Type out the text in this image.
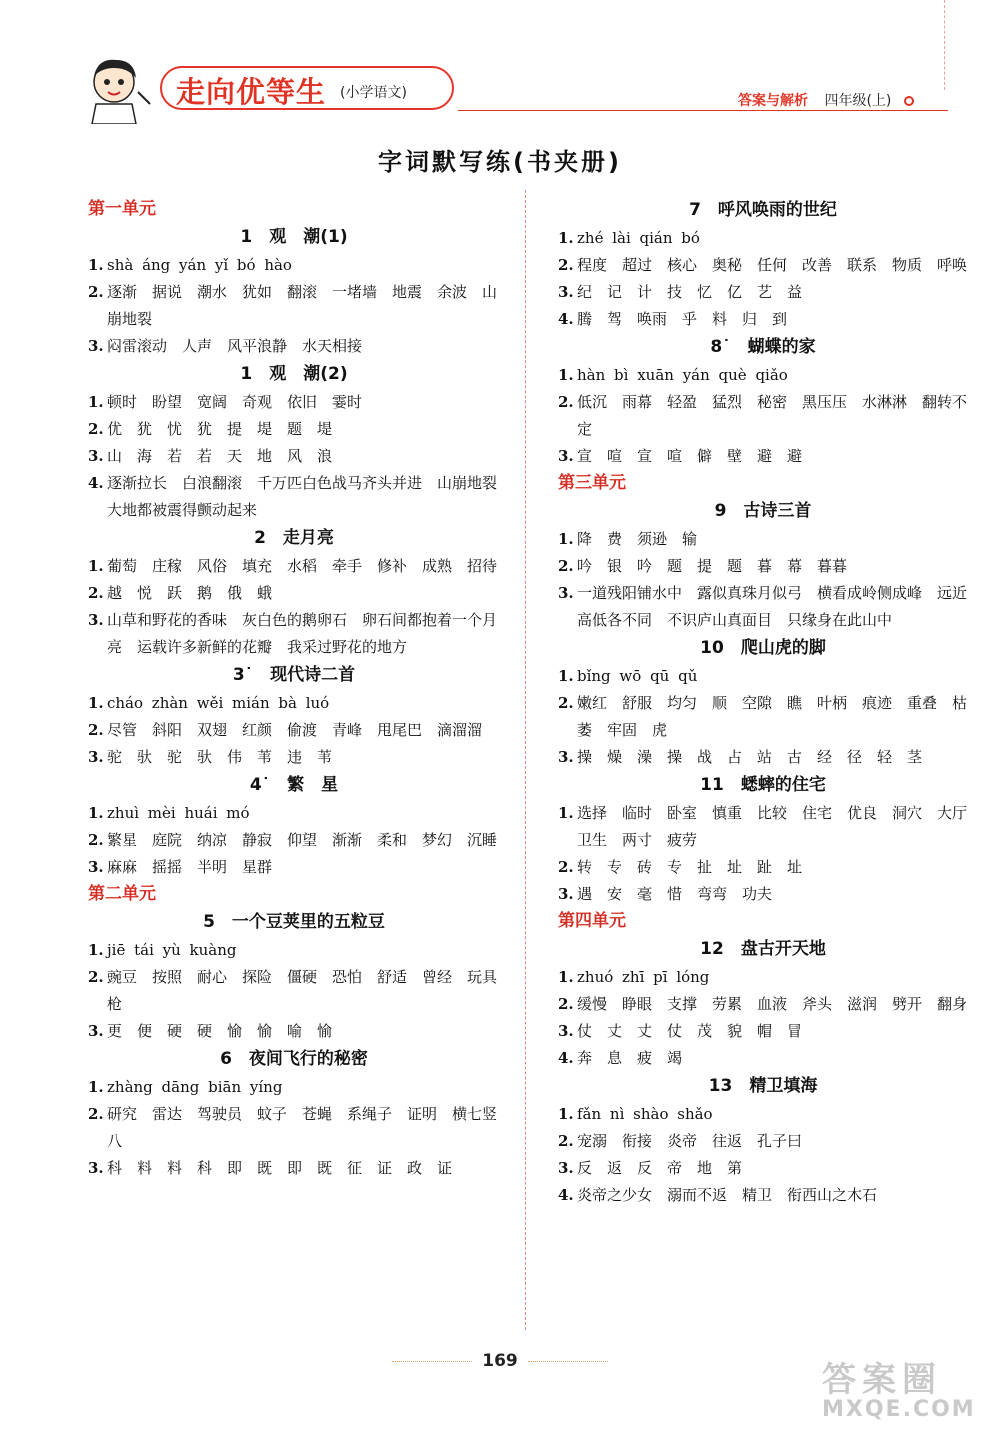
走向优等生 (小学语文)	答案与解析 四年级(上)
字词默写练(书夹册)
第一单元
1　观　潮(1)
1. shà áng yán yǐ bó hào
2. 逐渐　据说　潮水　犹如　翻滚　一堵墙　地震　余波　山崩地裂
3. 闷雷滚动　人声　风平浪静　水天相接
1　观　潮(2)
1. 顿时　盼望　宽阔　奇观　依旧　霎时
2. 优　犹　忧　犹　提　堤　题　堤
3. 山　海　若　若　天　地　风　浪
4. 逐渐拉长　白浪翻滚　千万匹白色战马齐头并进　山崩地裂　大地都被震得颤动起来
2　走月亮
1. 葡萄　庄稼　风俗　填充　水稻　牵手　修补　成熟　招待
2. 越　悦　跃　鹅　俄　蛾
3. 山草和野花的香味　灰白色的鹅卵石　卵石间都抱着一个月亮　运载许多新鲜的花瓣　我采过野花的地方
3˙　现代诗二首
1. cháo zhàn wěi mián bà luó
2. 尽管　斜阳　双翅　红颜　偷渡　青峰　甩尾巴　滴溜溜
3. 驼　驮　驼　驮　伟　苇　违　苇
4˙　繁　星
1. zhuì mèi huái mó
2. 繁星　庭院　纳凉　静寂　仰望　渐渐　柔和　梦幻　沉睡
3. 麻麻　摇摇　半明　星群
第二单元
5　一个豆荚里的五粒豆
1. jiē tái yù kuàng
2. 豌豆　按照　耐心　探险　僵硬　恐怕　舒适　曾经　玩具枪
3. 更　便　硬　硬　愉　愉　喻　愉
6　夜间飞行的秘密
1. zhàng dāng biān yíng
2. 研究　雷达　驾驶员　蚊子　苍蝇　系绳子　证明　横七竖八
3. 科　料　料　科　即　既　即　既　征　证　政　证
7　呼风唤雨的世纪
1. zhé lài qián bó
2. 程度　超过　核心　奥秘　任何　改善　联系　物质　呼唤
3. 纪　记　计　技　忆　亿　艺　益
4. 腾　驾　唤雨　乎　料　归　到
8˙　蝴蝶的家
1. hàn bì xuān yán què qiǎo
2. 低沉　雨幕　轻盈　猛烈　秘密　黑压压　水淋淋　翻转不定
3. 宣　喧　宣　喧　僻　壁　避　避
第三单元
9　古诗三首
1. 降　费　须逊　输
2. 吟　银　吟　题　提　题　暮　幕　暮暮
3. 一道残阳铺水中　露似真珠月似弓　横看成岭侧成峰　远近高低各不同　不识庐山真面目　只缘身在此山中
10　爬山虎的脚
1. bǐng wō qū qǔ
2. 嫩红　舒服　均匀　顺　空隙　瞧　叶柄　痕迹　重叠　枯萎　牢固　虎
3. 操　燥　澡　操　战　占　站　古　经　径　轻　茎
11　蟋蟀的住宅
1. 选择　临时　卧室　慎重　比较　住宅　优良　洞穴　大厅　卫生　两寸　疲劳
2. 转　专　砖　专　扯　址　趾　址
3. 遇　安　毫　惜　弯弯　功夫
第四单元
12　盘古开天地
1. zhuó zhī pī lóng
2. 缓慢　睁眼　支撑　劳累　血液　斧头　滋润　劈开　翻身
3. 仗　丈　丈　仗　茂　貌　帽　冒
4. 奔　息　疲　竭
13　精卫填海
1. fǎn nì shào shǎo
2. 宠溺　衔接　炎帝　往返　孔子曰
3. 反　返　反　帝　地　第
4. 炎帝之少女　溺而不返　精卫　衔西山之木石
169	答案圈
MXQE.COM
